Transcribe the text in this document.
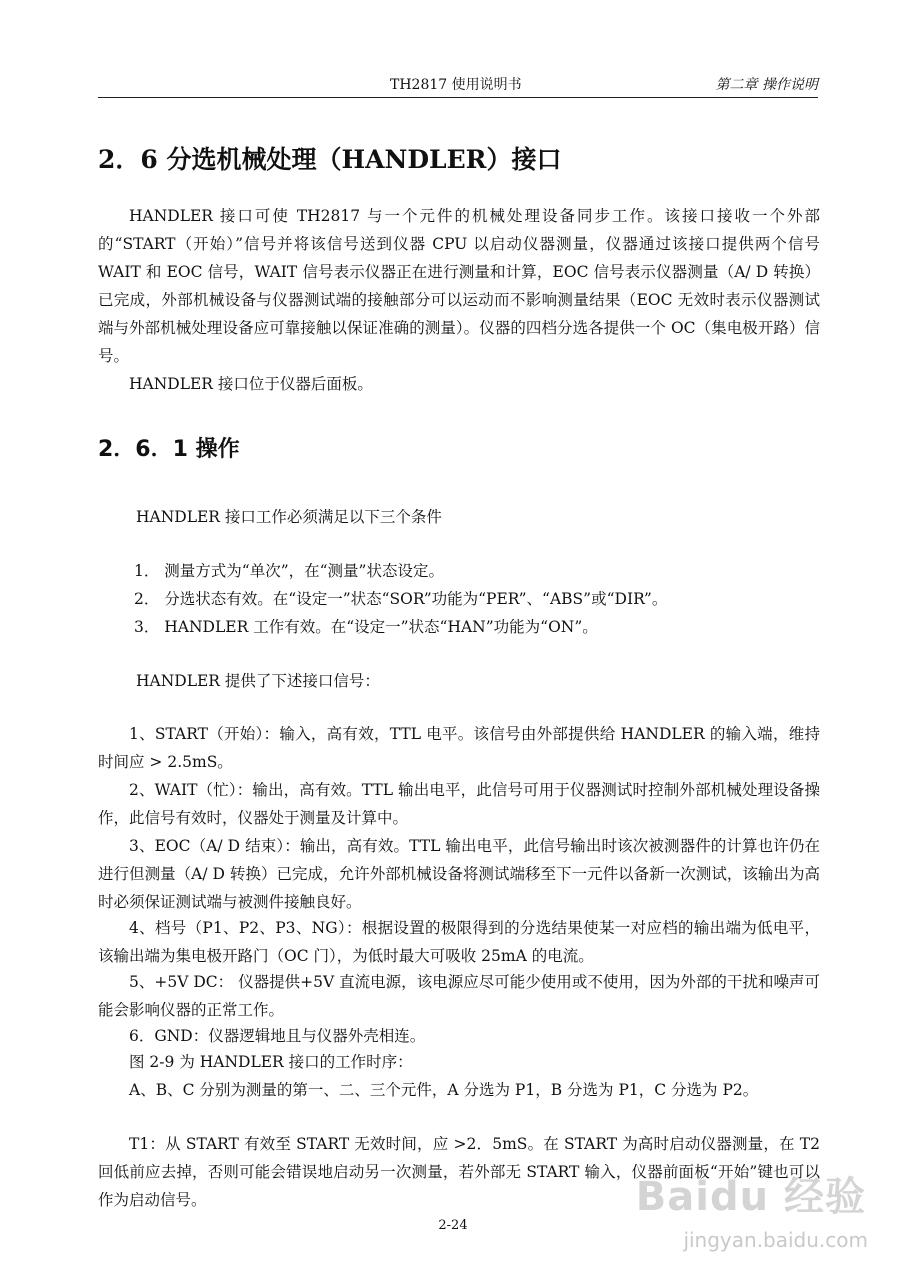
TH2817 使用说明书	第二章 操作说明
2．6 分选机械处理（HANDLER）接口
HANDLER 接口可使 TH2817 与一个元件的机械处理设备同步工作。该接口接收一个外部的“START（开始）”信号并将该信号送到仪器 CPU 以启动仪器测量，仪器通过该接口提供两个信号 WAIT 和 EOC 信号，WAIT 信号表示仪器正在进行测量和计算，EOC 信号表示仪器测量（A/ D 转换）已完成，外部机械设备与仪器测试端的接触部分可以运动而不影响测量结果（EOC 无效时表示仪器测试端与外部机械处理设备应可靠接触以保证准确的测量）。仪器的四档分选各提供一个 OC（集电极开路）信号。
HANDLER 接口位于仪器后面板。
2．6．1 操作
HANDLER 接口工作必须满足以下三个条件
1． 测量方式为“单次”，在“测量”状态设定。
2． 分选状态有效。在“设定一”状态“SOR”功能为“PER”、“ABS”或“DIR”。
3． HANDLER 工作有效。在“设定一”状态“HAN”功能为“ON”。
HANDLER 提供了下述接口信号：
1、START（开始）：输入，高有效，TTL 电平。该信号由外部提供给 HANDLER 的输入端，维持时间应 > 2.5mS。
2、WAIT（忙）：输出，高有效。TTL 输出电平，此信号可用于仪器测试时控制外部机械处理设备操作，此信号有效时，仪器处于测量及计算中。
3、EOC（A/ D 结束）：输出，高有效。TTL 输出电平，此信号输出时该次被测器件的计算也许仍在进行但测量（A/ D 转换）已完成，允许外部机械设备将测试端移至下一元件以备新一次测试，该输出为高时必须保证测试端与被测件接触良好。
4、档号（P1、P2、P3、NG）：根据设置的极限得到的分选结果使某一对应档的输出端为低电平，该输出端为集电极开路门（OC 门），为低时最大可吸收 25mA 的电流。
5、+5V DC： 仪器提供+5V 直流电源，该电源应尽可能少使用或不使用，因为外部的干扰和噪声可能会影响仪器的正常工作。
6．GND：仪器逻辑地且与仪器外壳相连。
图 2-9 为 HANDLER 接口的工作时序：
A、B、C 分别为测量的第一、二、三个元件，A 分选为 P1，B 分选为 P1，C 分选为 P2。
T1：从 START 有效至 START 无效时间，应 >2．5mS。在 START 为高时启动仪器测量，在 T2 回低前应去掉，否则可能会错误地启动另一次测量，若外部无 START 输入，仪器前面板“开始”键也可以作为启动信号。
2-24
Baidu 经验
jingyan.baidu.com
